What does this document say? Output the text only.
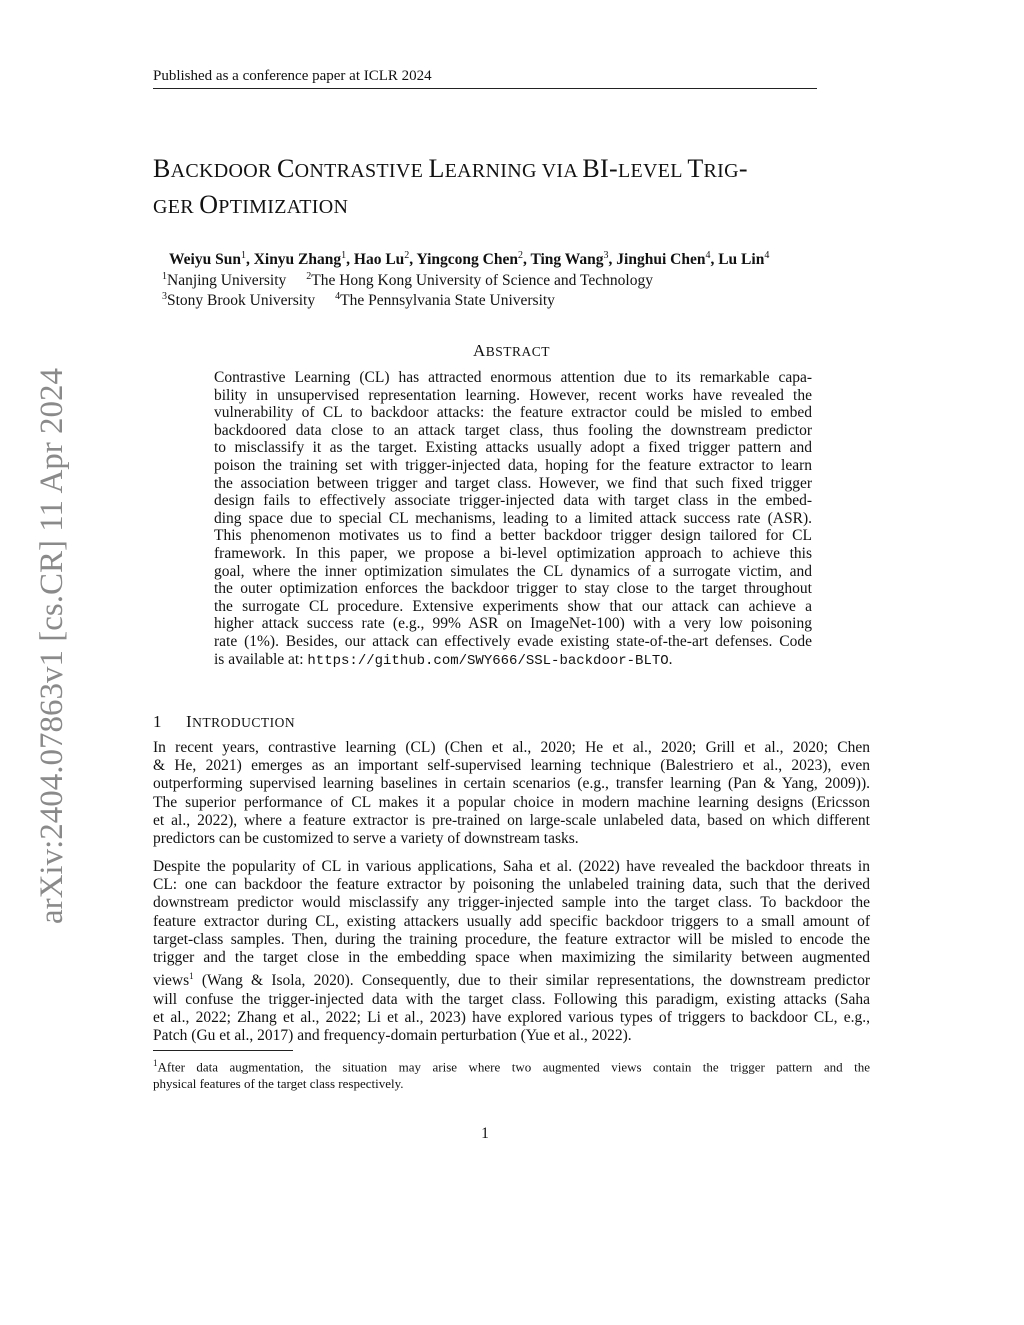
Published as a conference paper at ICLR 2024
arXiv:2404.07863v1 [cs.CR] 11 Apr 2024
BACKDOOR CONTRASTIVE LEARNING VIA BI-LEVEL TRIG-
GER OPTIMIZATION
Weiyu Sun$^1$, Xinyu Zhang$^1$, Hao Lu$^2$, Yingcong Chen$^2$, Ting Wang$^3$, Jinghui Chen$^4$, Lu Lin$^4$
$^1$Nanjing University $^2$The Hong Kong University of Science and Technology
$^3$Stony Brook University $^4$The Pennsylvania State University
ABSTRACT
Contrastive Learning (CL) has attracted enormous attention due to its remarkable capa-
bility in unsupervised representation learning. However, recent works have revealed the
vulnerability of CL to backdoor attacks: the feature extractor could be misled to embed
backdoored data close to an attack target class, thus fooling the downstream predictor
to misclassify it as the target. Existing attacks usually adopt a fixed trigger pattern and
poison the training set with trigger-injected data, hoping for the feature extractor to learn
the association between trigger and target class. However, we find that such fixed trigger
design fails to effectively associate trigger-injected data with target class in the embed-
ding space due to special CL mechanisms, leading to a limited attack success rate (ASR).
This phenomenon motivates us to find a better backdoor trigger design tailored for CL
framework. In this paper, we propose a bi-level optimization approach to achieve this
goal, where the inner optimization simulates the CL dynamics of a surrogate victim, and
the outer optimization enforces the backdoor trigger to stay close to the target throughout
the surrogate CL procedure. Extensive experiments show that our attack can achieve a
higher attack success rate (e.g., 99% ASR on ImageNet-100) with a very low poisoning
rate (1%). Besides, our attack can effectively evade existing state-of-the-art defenses. Code
is available at: https://github.com/SWY666/SSL-backdoor-BLTO.
1 INTRODUCTION
In recent years, contrastive learning (CL) (Chen et al., 2020; He et al., 2020; Grill et al., 2020; Chen
& He, 2021) emerges as an important self-supervised learning technique (Balestriero et al., 2023), even
outperforming supervised learning baselines in certain scenarios (e.g., transfer learning (Pan & Yang, 2009)).
The superior performance of CL makes it a popular choice in modern machine learning designs (Ericsson
et al., 2022), where a feature extractor is pre-trained on large-scale unlabeled data, based on which different
predictors can be customized to serve a variety of downstream tasks.
Despite the popularity of CL in various applications, Saha et al. (2022) have revealed the backdoor threats in
CL: one can backdoor the feature extractor by poisoning the unlabeled training data, such that the derived
downstream predictor would misclassify any trigger-injected sample into the target class. To backdoor the
feature extractor during CL, existing attackers usually add specific backdoor triggers to a small amount of
target-class samples. Then, during the training procedure, the feature extractor will be misled to encode the
trigger and the target close in the embedding space when maximizing the similarity between augmented
views$^1$ (Wang & Isola, 2020). Consequently, due to their similar representations, the downstream predictor
will confuse the trigger-injected data with the target class. Following this paradigm, existing attacks (Saha
et al., 2022; Zhang et al., 2022; Li et al., 2023) have explored various types of triggers to backdoor CL, e.g.,
Patch (Gu et al., 2017) and frequency-domain perturbation (Yue et al., 2022).
$^1$After data augmentation, the situation may arise where two augmented views contain the trigger pattern and the
physical features of the target class respectively.
1
